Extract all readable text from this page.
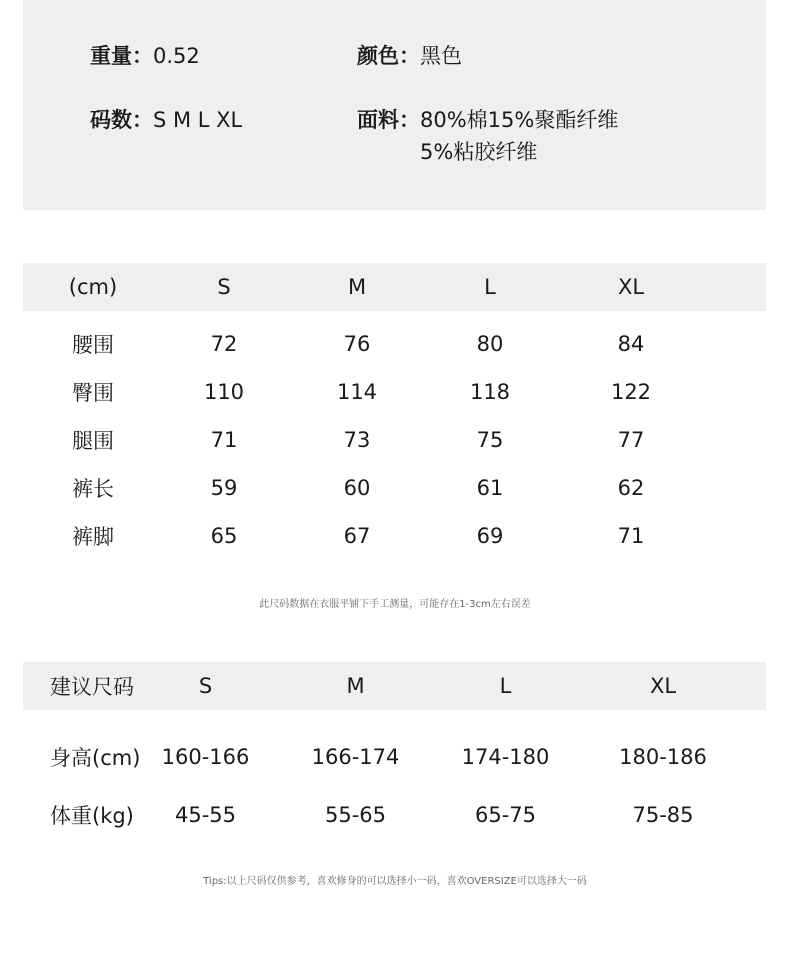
重量： 0.52	颜色： 黑色
码数： S M L XL	面料： 80%棉15%聚酯纤维5%粘胶纤维
(cm)	S	M	L	XL
腰围	72	76	80	84
臀围	110	114	118	122
腿围	71	73	75	77
裤长	59	60	61	62
裤脚	65	67	69	71
此尺码数据在衣服平铺下手工测量，可能存在1-3cm左右误差
建议尺码	S	M	L	XL
身高(cm)	160-166	166-174	174-180	180-186
体重(kg)	45-55	55-65	65-75	75-85
Tips:以上尺码仅供参考，喜欢修身的可以选择小一码，喜欢OVERSIZE可以选择大一码
